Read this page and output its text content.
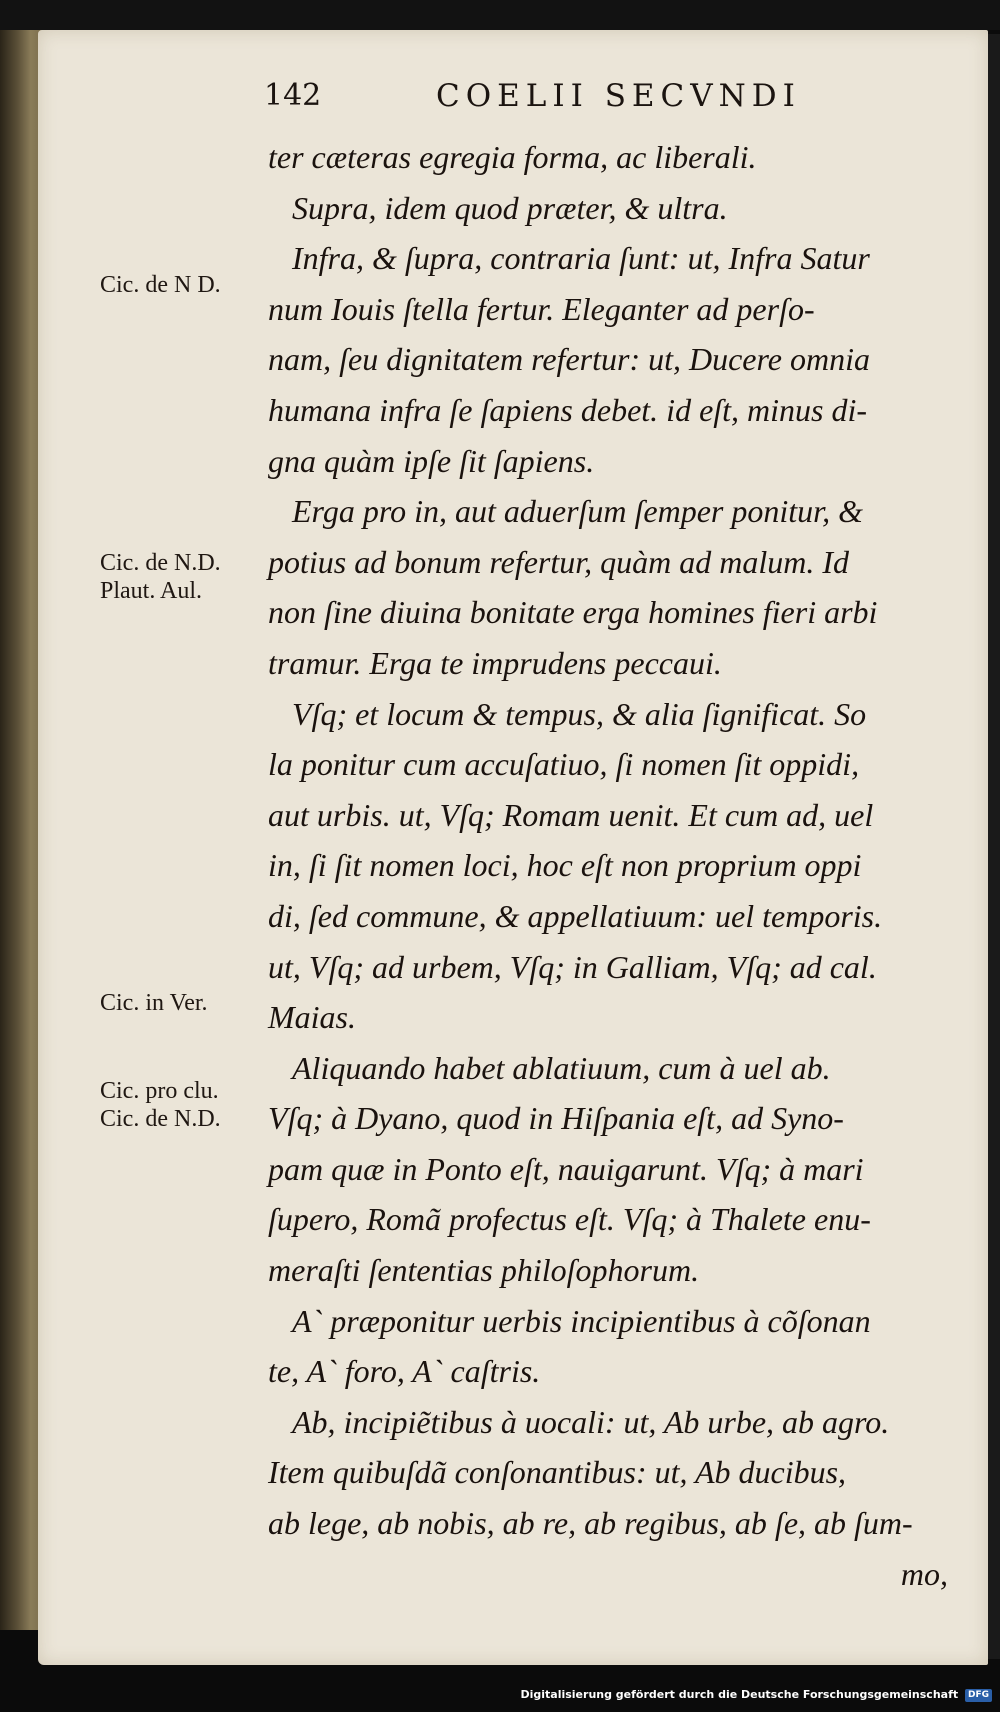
142	COELII SECVNDI
ter cæteras egregia forma, ac liberali.
Supra, idem quod præter, & ultra.
Infra, & ſupra, contraria ſunt: ut, Infra Satur
num Iouis ſtella fertur. Eleganter ad perſo-
nam, ſeu dignitatem refertur: ut, Ducere omnia
humana infra ſe ſapiens debet. id eſt, minus di-
gna quàm ipſe ſit ſapiens.
Erga pro in, aut aduerſum ſemper ponitur, &
potius ad bonum refertur, quàm ad malum. Id
non ſine diuina bonitate erga homines fieri arbi
tramur. Erga te imprudens peccaui.
Vſq; et locum & tempus, & alia ſignificat. So
la ponitur cum accuſatiuo, ſi nomen ſit oppidi,
aut urbis. ut, Vſq; Romam uenit. Et cum ad, uel
in, ſi ſit nomen loci, hoc eſt non proprium oppi
di, ſed commune, & appellatiuum: uel temporis.
ut, Vſq; ad urbem, Vſq; in Galliam, Vſq; ad cal.
Maias.
Aliquando habet ablatiuum, cum à uel ab.
Vſq; à Dyano, quod in Hiſpania eſt, ad Syno-
pam quæ in Ponto eſt, nauigarunt. Vſq; à mari
ſupero, Romã profectus eſt. Vſq; à Thalete enu-
meraſti ſententias philoſophorum.
A` præponitur uerbis incipientibus à cõſonan
te, A` foro, A` caſtris.
Ab, incipiẽtibus à uocali: ut, Ab urbe, ab agro.
Item quibuſdã conſonantibus: ut, Ab ducibus,
ab lege, ab nobis, ab re, ab regibus, ab ſe, ab ſum-
mo,
Cic. de N D.
Cic. de N.D.
Plaut. Aul.
Cic. in Ver.
Cic. pro clu.
Cic. de N.D.
Digitalisierung gefördert durch die Deutsche Forschungsgemeinschaft DFG
